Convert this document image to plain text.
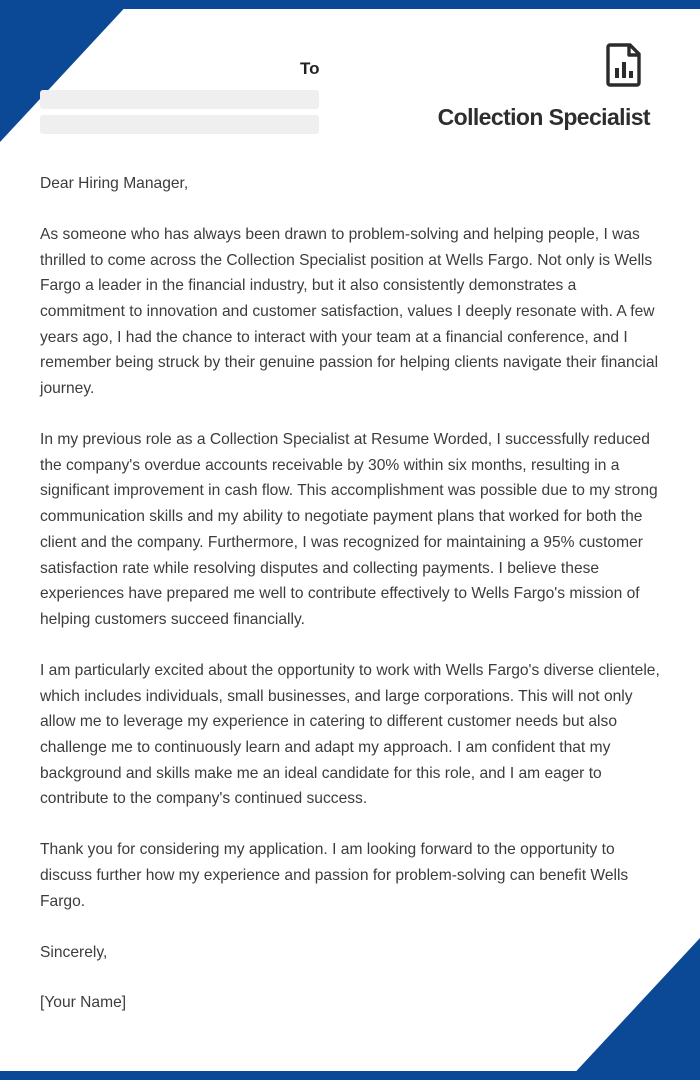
To
Collection Specialist

Dear Hiring Manager,

As someone who has always been drawn to problem-solving and helping people, I was thrilled to come across the Collection Specialist position at Wells Fargo. Not only is Wells Fargo a leader in the financial industry, but it also consistently demonstrates a commitment to innovation and customer satisfaction, values I deeply resonate with. A few years ago, I had the chance to interact with your team at a financial conference, and I remember being struck by their genuine passion for helping clients navigate their financial journey.

In my previous role as a Collection Specialist at Resume Worded, I successfully reduced the company's overdue accounts receivable by 30% within six months, resulting in a significant improvement in cash flow. This accomplishment was possible due to my strong communication skills and my ability to negotiate payment plans that worked for both the client and the company. Furthermore, I was recognized for maintaining a 95% customer satisfaction rate while resolving disputes and collecting payments. I believe these experiences have prepared me well to contribute effectively to Wells Fargo's mission of helping customers succeed financially.

I am particularly excited about the opportunity to work with Wells Fargo's diverse clientele, which includes individuals, small businesses, and large corporations. This will not only allow me to leverage my experience in catering to different customer needs but also challenge me to continuously learn and adapt my approach. I am confident that my background and skills make me an ideal candidate for this role, and I am eager to contribute to the company's continued success.

Thank you for considering my application. I am looking forward to the opportunity to discuss further how my experience and passion for problem-solving can benefit Wells Fargo.

Sincerely,

[Your Name]
